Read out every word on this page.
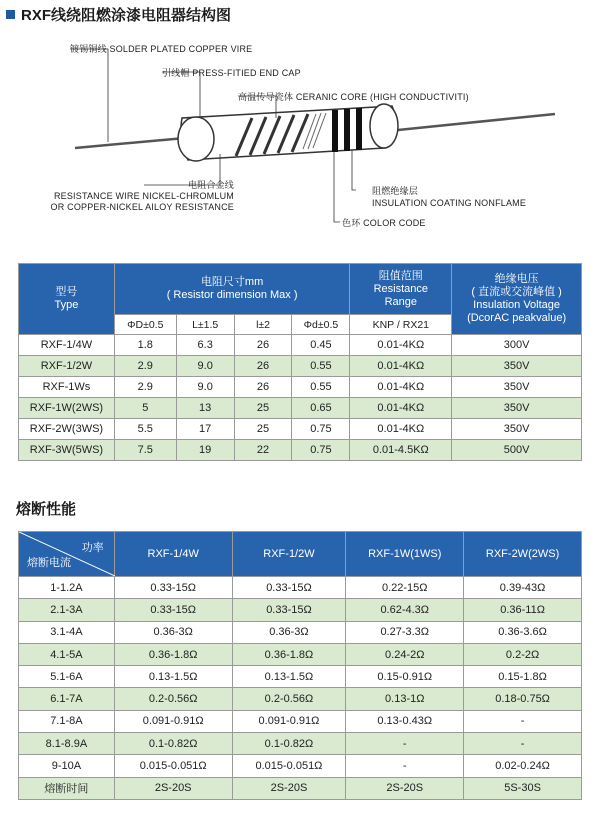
RXF线绕阻燃涂漆电阻器结构图
镀锡铜线 SOLDER PLATED COPPER VIRE
引线帽 PRESS-FITIED END CAP
高温传导瓷体 CERANIC CORE (HIGH CONDUCTIVITI)
电阻合金线
RESISTANCE WIRE NICKEL-CHROMLUM
OR COPPER-NICKEL AILOY RESISTANCE
阻燃绝缘层
INSULATION COATING NONFLAME
色环 COLOR CODE
型号
Type	电阻尺寸mm
( Resistor dimension Max )				阻值范围
Resistance
Range	绝缘电压
( 直流或交流峰值 )
Insulation Voltage
(DcorAC peakvalue)
	ΦD±0.5	L±1.5	l±2	Φd±0.5	KNP / RX21	
RXF-1/4W	1.8	6.3	26	0.45	0.01-4KΩ	300V
RXF-1/2W	2.9	9.0	26	0.55	0.01-4KΩ	350V
RXF-1Ws	2.9	9.0	26	0.55	0.01-4KΩ	350V
RXF-1W(2WS)	5	13	25	0.65	0.01-4KΩ	350V
RXF-2W(3WS)	5.5	17	25	0.75	0.01-4KΩ	350V
RXF-3W(5WS)	7.5	19	22	0.75	0.01-4.5KΩ	500V
熔断性能
功率
熔断电流	RXF-1/4W	RXF-1/2W	RXF-1W(1WS)	RXF-2W(2WS)
1-1.2A	0.33-15Ω	0.33-15Ω	0.22-15Ω	0.39-43Ω
2.1-3A	0.33-15Ω	0.33-15Ω	0.62-4.3Ω	0.36-11Ω
3.1-4A	0.36-3Ω	0.36-3Ω	0.27-3.3Ω	0.36-3.6Ω
4.1-5A	0.36-1.8Ω	0.36-1.8Ω	0.24-2Ω	0.2-2Ω
5.1-6A	0.13-1.5Ω	0.13-1.5Ω	0.15-0.91Ω	0.15-1.8Ω
6.1-7A	0.2-0.56Ω	0.2-0.56Ω	0.13-1Ω	0.18-0.75Ω
7.1-8A	0.091-0.91Ω	0.091-0.91Ω	0.13-0.43Ω	-
8.1-8.9A	0.1-0.82Ω	0.1-0.82Ω	-	-
9-10A	0.015-0.051Ω	0.015-0.051Ω	-	0.02-0.24Ω
熔断时间	2S-20S	2S-20S	2S-20S	5S-30S
